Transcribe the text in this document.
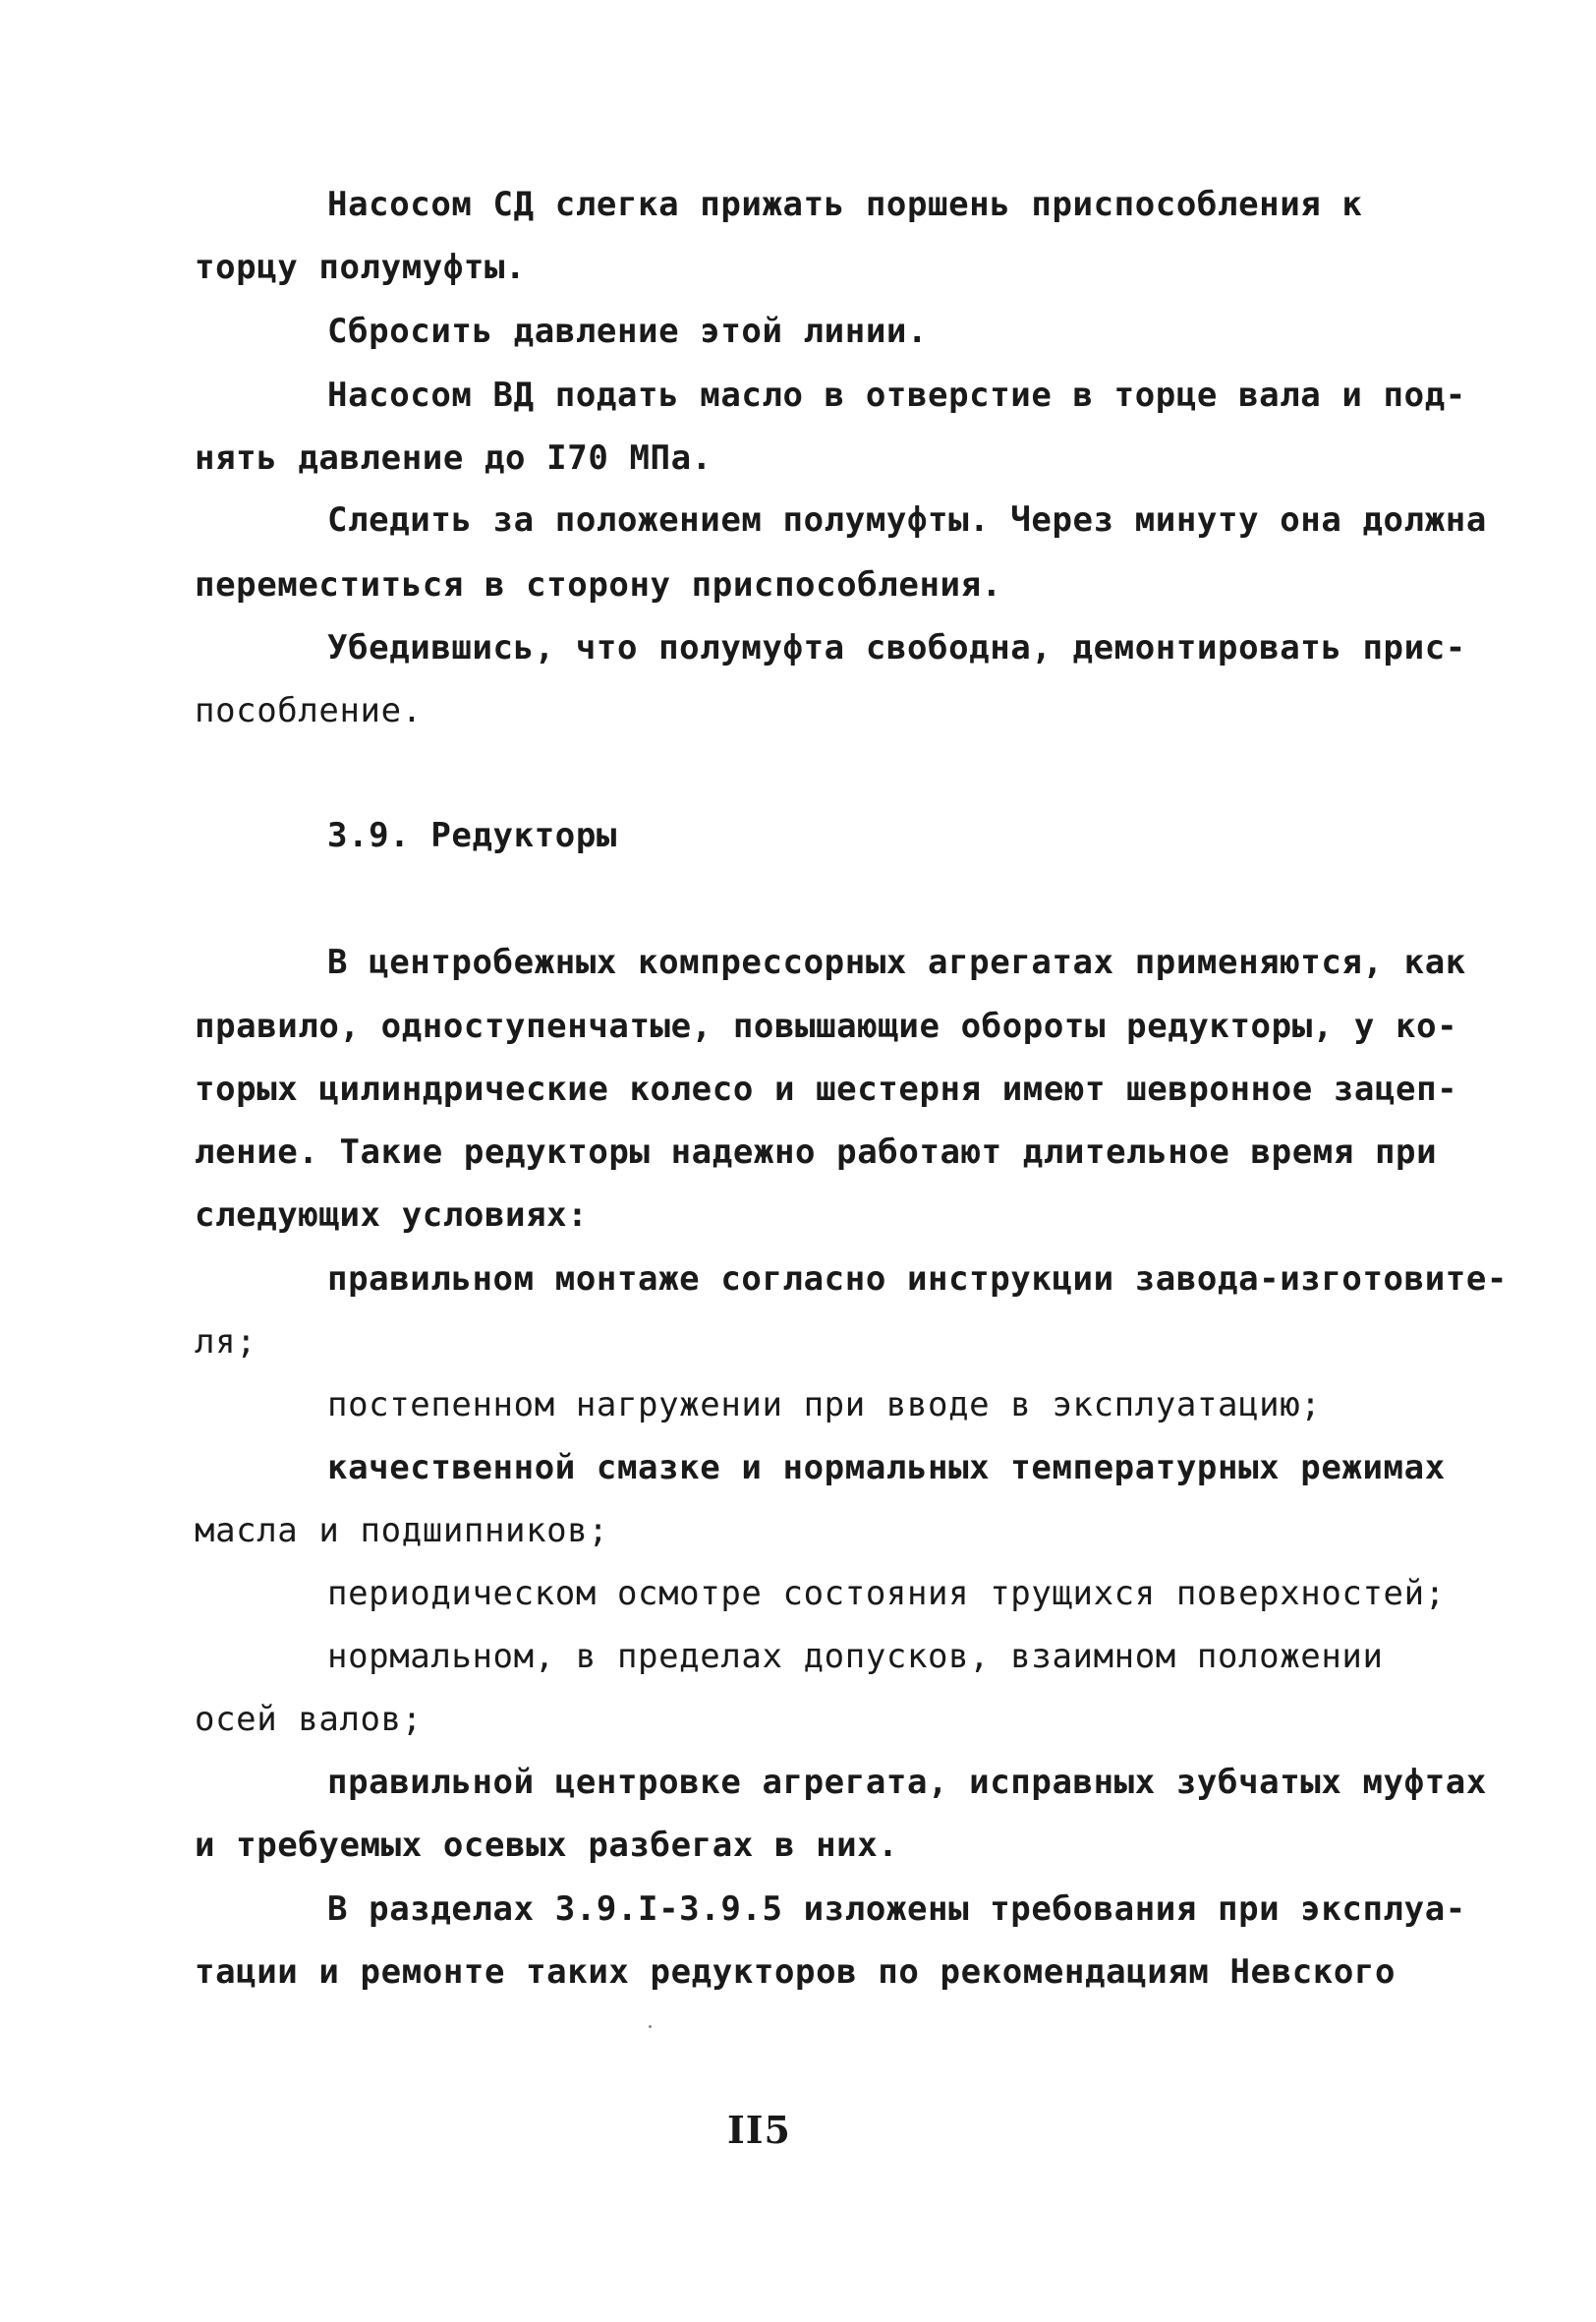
Насосом СД слегка прижать поршень приспособления к
торцу полумуфты.
Сбросить давление этой линии.
Насосом ВД подать масло в отверстие в торце вала и под-
нять давление до I70 МПа.
Следить за положением полумуфты. Через минуту она должна
переместиться в сторону приспособления.
Убедившись, что полумуфта свободна, демонтировать прис-
пособление.
3.9. Редукторы
В центробежных компрессорных агрегатах применяются, как
правило, одноступенчатые, повышающие обороты редукторы, у ко-
торых цилиндрические колесо и шестерня имеют шевронное зацеп-
ление. Такие редукторы надежно работают длительное время при
следующих условиях:
правильном монтаже согласно инструкции завода-изготовите-
ля;
постепенном нагружении при вводе в эксплуатацию;
качественной смазке и нормальных температурных режимах
масла и подшипников;
периодическом осмотре состояния трущихся поверхностей;
нормальном, в пределах допусков, взаимном положении
осей валов;
правильной центровке агрегата, исправных зубчатых муфтах
и требуемых осевых разбегах в них.
В разделах 3.9.I-3.9.5 изложены требования при эксплуа-
тации и ремонте таких редукторов по рекомендациям Невского
II5
